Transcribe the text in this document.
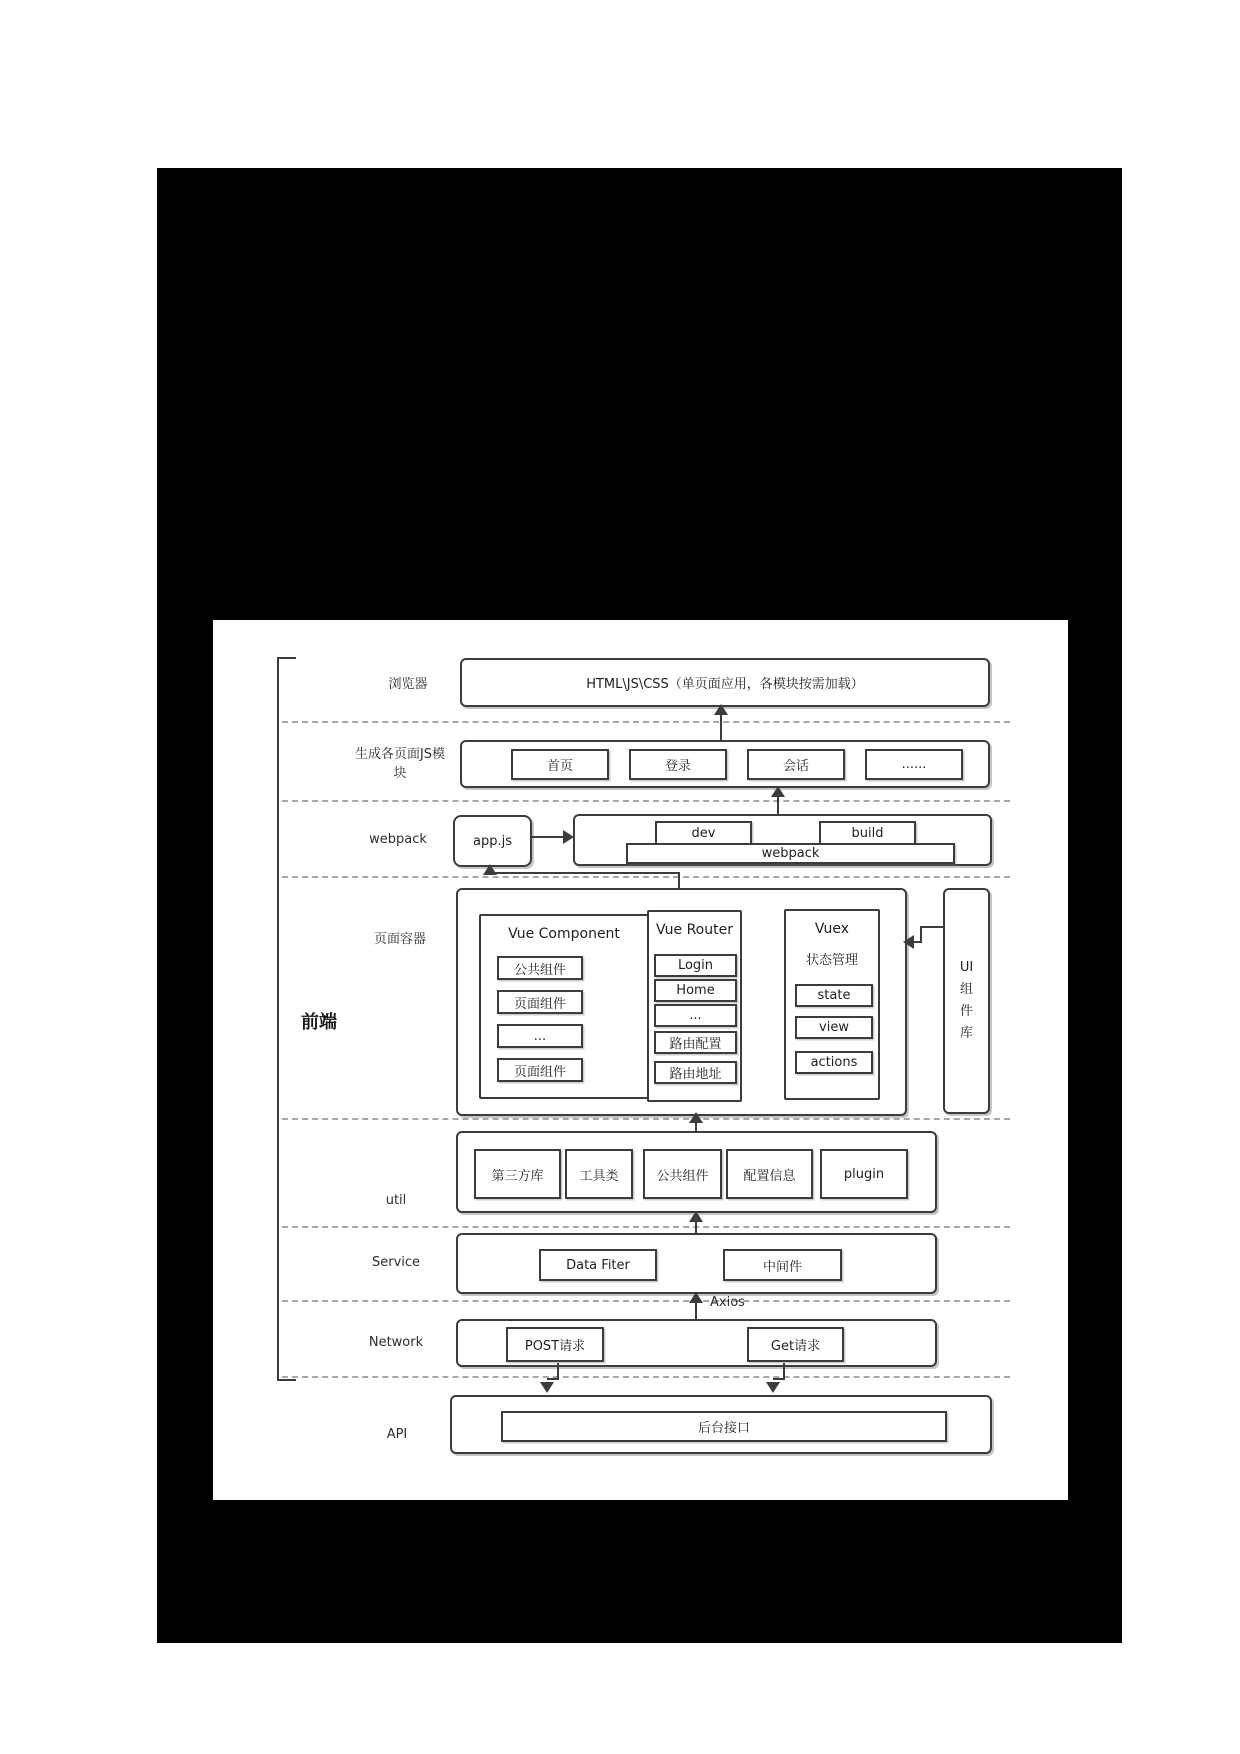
前端
浏览器
生成各页面JS模块
webpack
页面容器
util
Service
Network
API
HTML\JS\CSS（单页面应用，各模块按需加载）
首页	登录	会话	......
app.js
dev	build
webpack
Vue Component
公共组件
页面组件
...
页面组件
Vue Router
Login
Home
...
路由配置
路由地址
Vuex
状态管理
state
view
actions
UI
组
件
库
第三方库	工具类	公共组件	配置信息	plugin
Data Fiter	中间件
Axios
POST请求	Get请求
后台接口
